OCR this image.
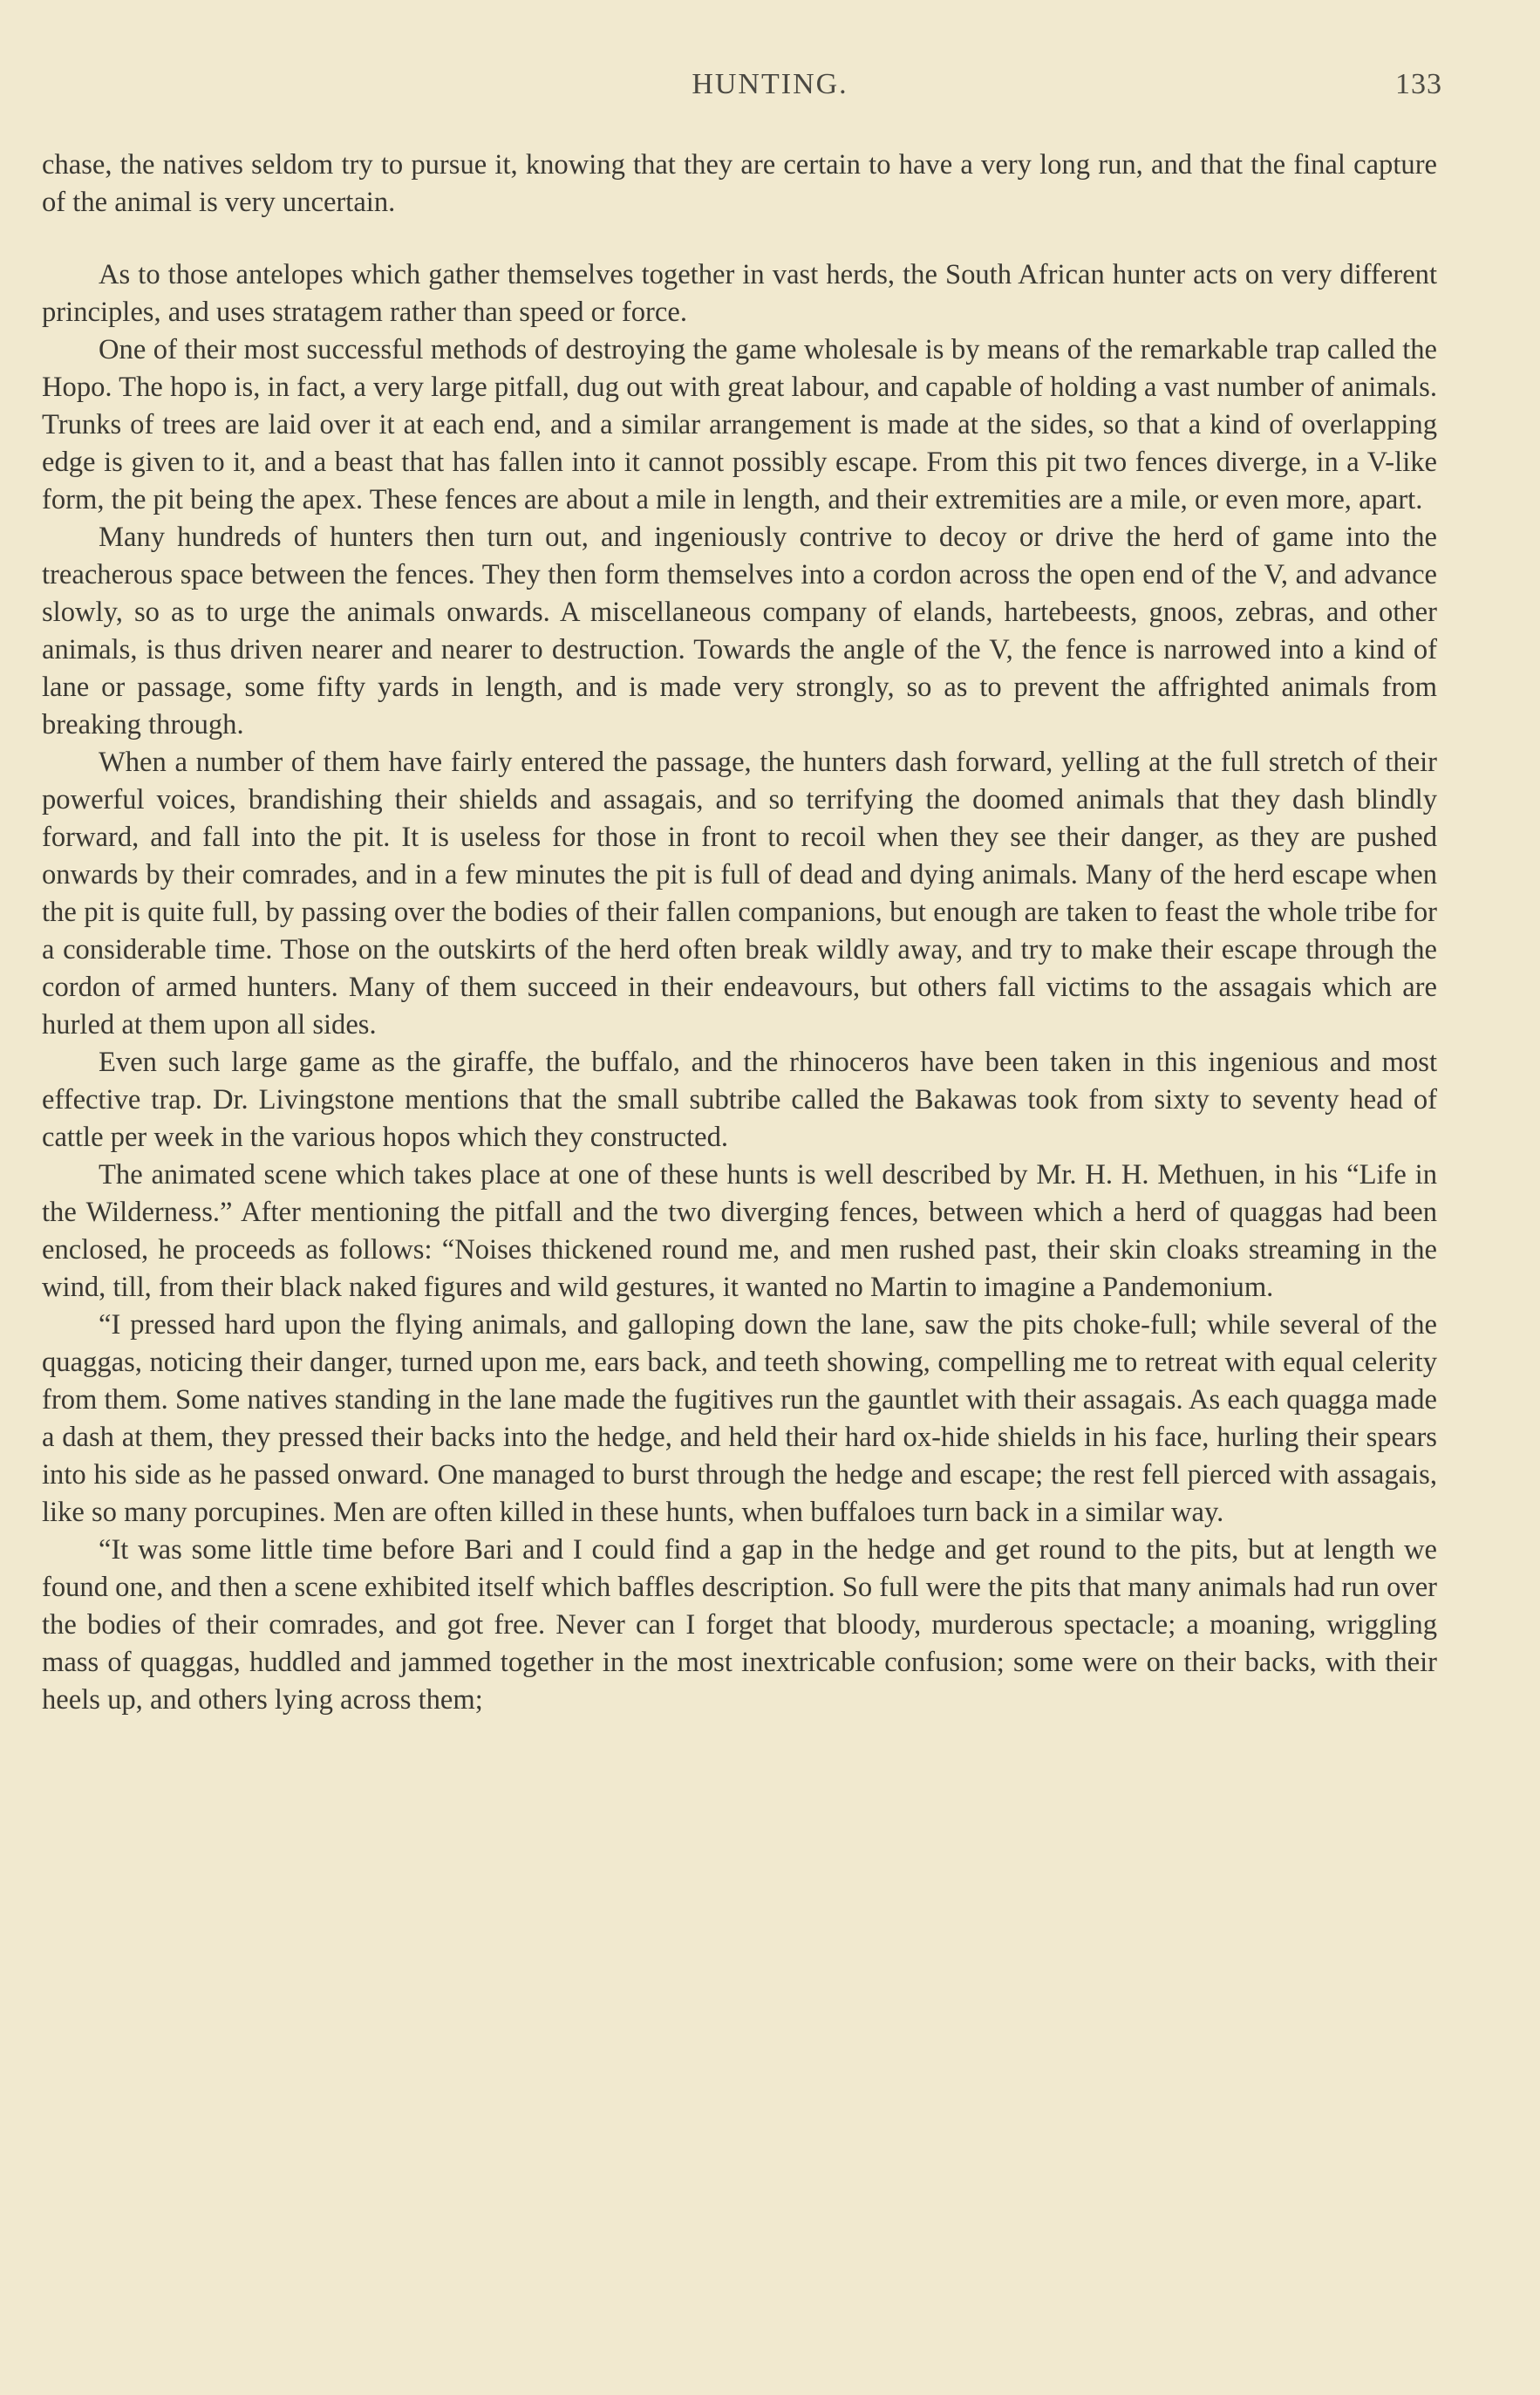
HUNTING.	133

chase, the natives seldom try to pursue it, knowing that they are certain to have a very long run, and that the final capture of the animal is very uncertain.

As to those antelopes which gather themselves together in vast herds, the South African hunter acts on very different principles, and uses stratagem rather than speed or force.

One of their most successful methods of destroying the game wholesale is by means of the remarkable trap called the Hopo. The hopo is, in fact, a very large pitfall, dug out with great labour, and capable of holding a vast number of animals. Trunks of trees are laid over it at each end, and a similar arrangement is made at the sides, so that a kind of overlapping edge is given to it, and a beast that has fallen into it cannot possibly escape. From this pit two fences diverge, in a V-like form, the pit being the apex. These fences are about a mile in length, and their extremities are a mile, or even more, apart.

Many hundreds of hunters then turn out, and ingeniously contrive to decoy or drive the herd of game into the treacherous space between the fences. They then form themselves into a cordon across the open end of the V, and advance slowly, so as to urge the animals onwards. A miscellaneous company of elands, hartebeests, gnoos, zebras, and other animals, is thus driven nearer and nearer to destruction. Towards the angle of the V, the fence is narrowed into a kind of lane or passage, some fifty yards in length, and is made very strongly, so as to prevent the affrighted animals from breaking through.

When a number of them have fairly entered the passage, the hunters dash forward, yelling at the full stretch of their powerful voices, brandishing their shields and assagais, and so terrifying the doomed animals that they dash blindly forward, and fall into the pit. It is useless for those in front to recoil when they see their danger, as they are pushed onwards by their comrades, and in a few minutes the pit is full of dead and dying animals. Many of the herd escape when the pit is quite full, by passing over the bodies of their fallen companions, but enough are taken to feast the whole tribe for a considerable time. Those on the outskirts of the herd often break wildly away, and try to make their escape through the cordon of armed hunters. Many of them succeed in their endeavours, but others fall victims to the assagais which are hurled at them upon all sides.

Even such large game as the giraffe, the buffalo, and the rhinoceros have been taken in this ingenious and most effective trap. Dr. Livingstone mentions that the small subtribe called the Bakawas took from sixty to seventy head of cattle per week in the various hopos which they constructed.

The animated scene which takes place at one of these hunts is well described by Mr. H. H. Methuen, in his “Life in the Wilderness.” After mentioning the pitfall and the two diverging fences, between which a herd of quaggas had been enclosed, he proceeds as follows: “Noises thickened round me, and men rushed past, their skin cloaks streaming in the wind, till, from their black naked figures and wild gestures, it wanted no Martin to imagine a Pandemonium.

“I pressed hard upon the flying animals, and galloping down the lane, saw the pits choke-full; while several of the quaggas, noticing their danger, turned upon me, ears back, and teeth showing, compelling me to retreat with equal celerity from them. Some natives standing in the lane made the fugitives run the gauntlet with their assagais. As each quagga made a dash at them, they pressed their backs into the hedge, and held their hard ox-hide shields in his face, hurling their spears into his side as he passed onward. One managed to burst through the hedge and escape; the rest fell pierced with assagais, like so many porcupines. Men are often killed in these hunts, when buffaloes turn back in a similar way.

“It was some little time before Bari and I could find a gap in the hedge and get round to the pits, but at length we found one, and then a scene exhibited itself which baffles description. So full were the pits that many animals had run over the bodies of their comrades, and got free. Never can I forget that bloody, murderous spectacle; a moaning, wriggling mass of quaggas, huddled and jammed together in the most inextricable confusion; some were on their backs, with their heels up, and others lying across them;
